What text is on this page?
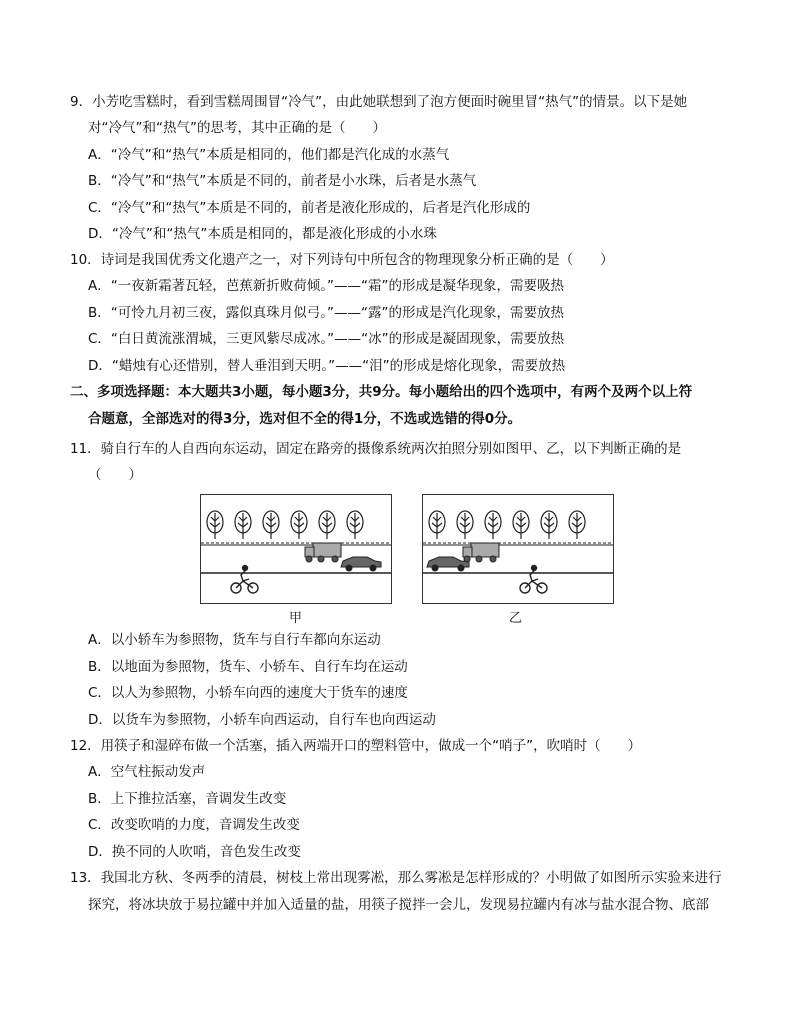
9．小芳吃雪糕时，看到雪糕周围冒“冷气”，由此她联想到了泡方便面时碗里冒“热气”的情景。以下是她
对“冷气”和“热气”的思考，其中正确的是（　　）
A．“冷气”和“热气”本质是相同的，他们都是汽化成的水蒸气
B．“冷气”和“热气”本质是不同的，前者是小水珠，后者是水蒸气
C．“冷气”和“热气”本质是不同的，前者是液化形成的，后者是汽化形成的
D．“冷气”和“热气”本质是相同的，都是液化形成的小水珠
10．诗词是我国优秀文化遗产之一，对下列诗句中所包含的物理现象分析正确的是（　　）
A．“一夜新霜著瓦轻，芭蕉新折败荷倾。”——“霜”的形成是凝华现象，需要吸热
B．“可怜九月初三夜，露似真珠月似弓。”——“露”的形成是汽化现象，需要放热
C．“白日黄流涨渭城，三更风紫尽成冰。”——“冰”的形成是凝固现象，需要放热
D．“蜡烛有心还惜别，替人垂泪到天明。”——“泪”的形成是熔化现象，需要放热
二、多项选择题：本大题共3小题，每小题3分，共9分。每小题给出的四个选项中，有两个及两个以上符
合题意，全部选对的得3分，选对但不全的得1分，不选或选错的得0分。
11．骑自行车的人自西向东运动，固定在路旁的摄像系统两次拍照分别如图甲、乙，以下判断正确的是
（　　）
甲	乙
A．以小轿车为参照物，货车与自行车都向东运动
B．以地面为参照物，货车、小轿车、自行车均在运动
C．以人为参照物，小轿车向西的速度大于货车的速度
D．以货车为参照物，小轿车向西运动，自行车也向西运动
12．用筷子和湿碎布做一个活塞，插入两端开口的塑料管中，做成一个“哨子”，吹哨时（　　）
A．空气柱振动发声
B．上下推拉活塞，音调发生改变
C．改变吹哨的力度，音调发生改变
D．换不同的人吹哨，音色发生改变
13．我国北方秋、冬两季的清晨，树枝上常出现雾凇，那么雾凇是怎样形成的？小明做了如图所示实验来进行
探究，将冰块放于易拉罐中并加入适量的盐，用筷子搅拌一会儿，发现易拉罐内有冰与盐水混合物、底部
